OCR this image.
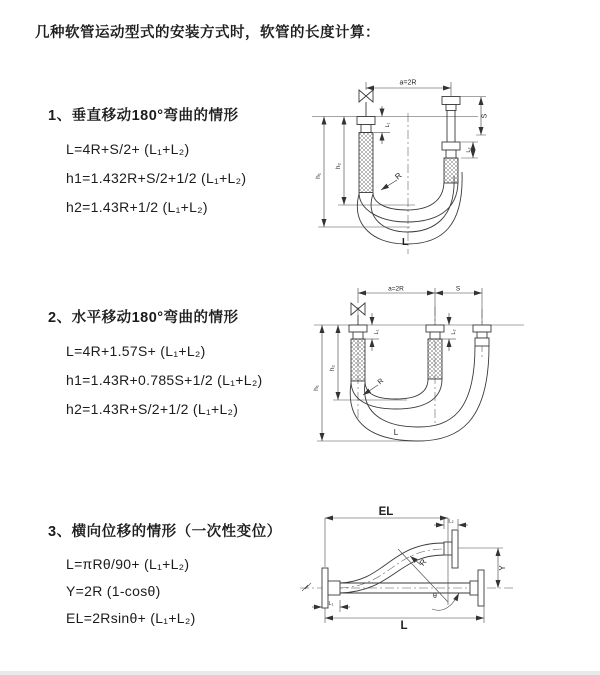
几种软管运动型式的安装方式时，软管的长度计算：
1、垂直移动180°弯曲的情形
L=4R+S/2+ (L₁+L₂)
h1=1.432R+S/2+1/2 (L₁+L₂)
h2=1.43R+1/2 (L₁+L₂)
2、水平移动180°弯曲的情形
L=4R+1.57S+ (L₁+L₂)
h1=1.43R+0.785S+1/2 (L₁+L₂)
h2=1.43R+S/2+1/2 (L₁+L₂)
3、横向位移的情形（一次性变位）
L=πRθ/90+ (L₁+L₂)
Y=2R (1-cosθ)
EL=2Rsinθ+ (L₁+L₂)
a=2R
S
L₂
h₁
h₂
L₁
R
L
a=2R	S
h₁
h₂
L₁	L₂
R
L
θ
EL
L₂
Y
R
L
L₁
